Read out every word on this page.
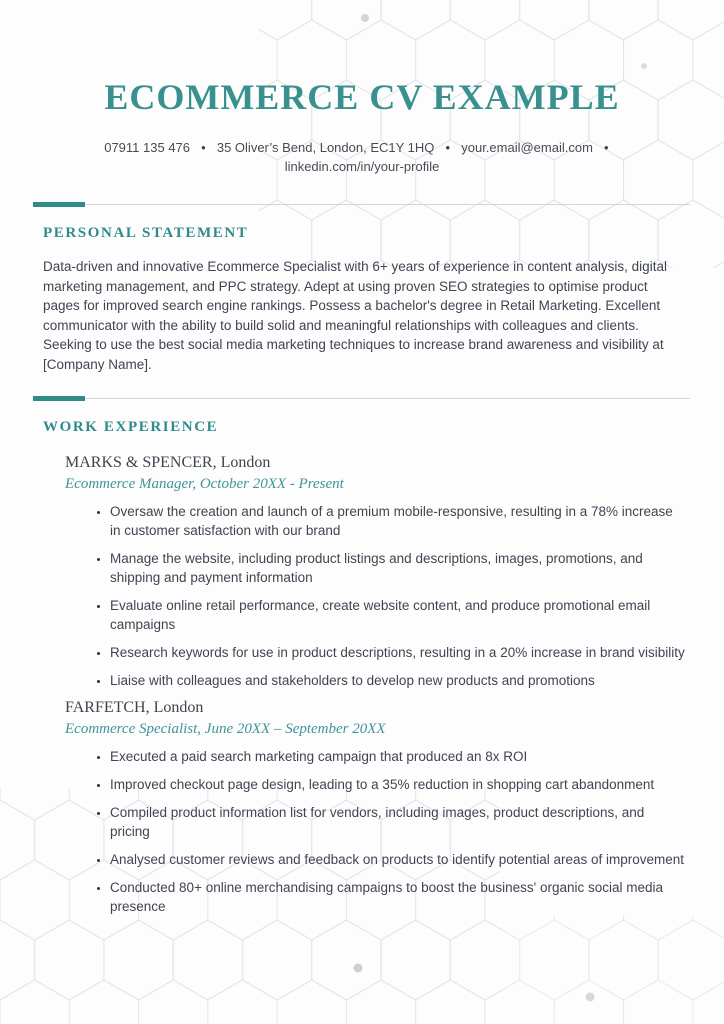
ECOMMERCE CV EXAMPLE
07911 135 476 ● 35 Oliver’s Bend, London, EC1Y 1HQ ● your.email@email.com ●
linkedin.com/in/your-profile
PERSONAL STATEMENT

Data-driven and innovative Ecommerce Specialist with 6+ years of experience in content analysis, digital marketing management, and PPC strategy. Adept at using proven SEO strategies to optimise product pages for improved search engine rankings. Possess a bachelor's degree in Retail Marketing. Excellent communicator with the ability to build solid and meaningful relationships with colleagues and clients. Seeking to use the best social media marketing techniques to increase brand awareness and visibility at [Company Name].

WORK EXPERIENCE
MARKS & SPENCER, London
Ecommerce Manager, October 20XX - Present
• Oversaw the creation and launch of a premium mobile-responsive, resulting in a 78% increase in customer satisfaction with our brand
• Manage the website, including product listings and descriptions, images, promotions, and shipping and payment information
• Evaluate online retail performance, create website content, and produce promotional email campaigns
• Research keywords for use in product descriptions, resulting in a 20% increase in brand visibility
• Liaise with colleagues and stakeholders to develop new products and promotions
FARFETCH, London
Ecommerce Specialist, June 20XX – September 20XX
• Executed a paid search marketing campaign that produced an 8x ROI
• Improved checkout page design, leading to a 35% reduction in shopping cart abandonment
• Compiled product information list for vendors, including images, product descriptions, and pricing
• Analysed customer reviews and feedback on products to identify potential areas of improvement
• Conducted 80+ online merchandising campaigns to boost the business' organic social media presence
